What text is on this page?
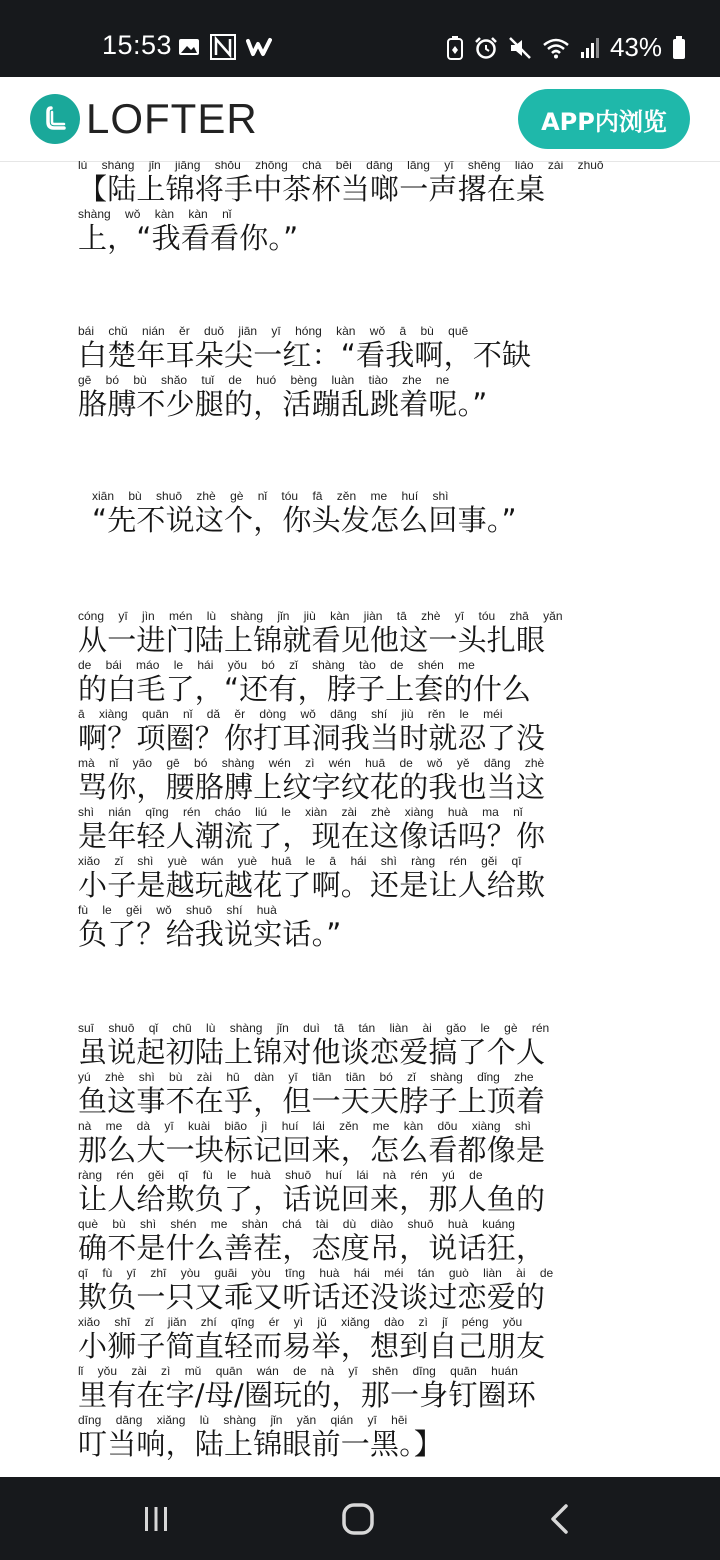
15:53	43%
LOFTER	APP内浏览
lù shàng jǐn jiāng shǒu zhōng chá bēi dāng lāng yī shēng liào zài zhuō
【陆上锦将手中茶杯当啷一声撂在桌
shàng wǒ kàn kàn nǐ
上，“我看看你。”
bái chǔ nián ěr duǒ jiān yī hóng kàn wǒ ā bù quē
白楚年耳朵尖一红：“看我啊，不缺
gē bó bù shǎo tuǐ de huó bèng luàn tiào zhe ne
胳膊不少腿的，活蹦乱跳着呢。”
xiān bù shuō zhè gè nǐ tóu fā zěn me huí shì
“先不说这个，你头发怎么回事。”
cóng yī jìn mén lù shàng jǐn jiù kàn jiàn tā zhè yī tóu zhā yǎn
从一进门陆上锦就看见他这一头扎眼
de bái máo le hái yǒu bó zǐ shàng tào de shén me
的白毛了，“还有，脖子上套的什么
ā xiàng quān nǐ dǎ ěr dòng wǒ dāng shí jiù rěn le méi
啊？项圈？你打耳洞我当时就忍了没
mà nǐ yāo gē bó shàng wén zì wén huā de wǒ yě dāng zhè
骂你，腰胳膊上纹字纹花的我也当这
shì nián qīng rén cháo liú le xiàn zài zhè xiàng huà ma nǐ
是年轻人潮流了，现在这像话吗？你
xiǎo zǐ shì yuè wán yuè huā le ā hái shì ràng rén gěi qī
小子是越玩越花了啊。还是让人给欺
fù le gěi wǒ shuō shí huà
负了？给我说实话。”
suī shuō qǐ chū lù shàng jǐn duì tā tán liàn ài gǎo le gè rén
虽说起初陆上锦对他谈恋爱搞了个人
yú zhè shì bù zài hū dàn yī tiān tiān bó zǐ shàng dǐng zhe
鱼这事不在乎，但一天天脖子上顶着
nà me dà yī kuài biāo jì huí lái zěn me kàn dōu xiàng shì
那么大一块标记回来，怎么看都像是
ràng rén gěi qī fù le huà shuō huí lái nà rén yú de
让人给欺负了，话说回来，那人鱼的
què bù shì shén me shàn chá tài dù diào shuō huà kuáng
确不是什么善茬，态度吊，说话狂，
qī fù yī zhī yòu guāi yòu tīng huà hái méi tán guò liàn ài de
欺负一只又乖又听话还没谈过恋爱的
xiǎo shī zǐ jiǎn zhí qīng ér yì jǔ xiǎng dào zì jǐ péng yǒu
小狮子简直轻而易举，想到自己朋友
lǐ yǒu zài zì mǔ quān wán de nà yī shēn dīng quān huán
里有在字/母/圈玩的，那一身钉圈环
dīng dāng xiǎng lù shàng jǐn yǎn qián yī hēi
叮当响，陆上锦眼前一黑。】
